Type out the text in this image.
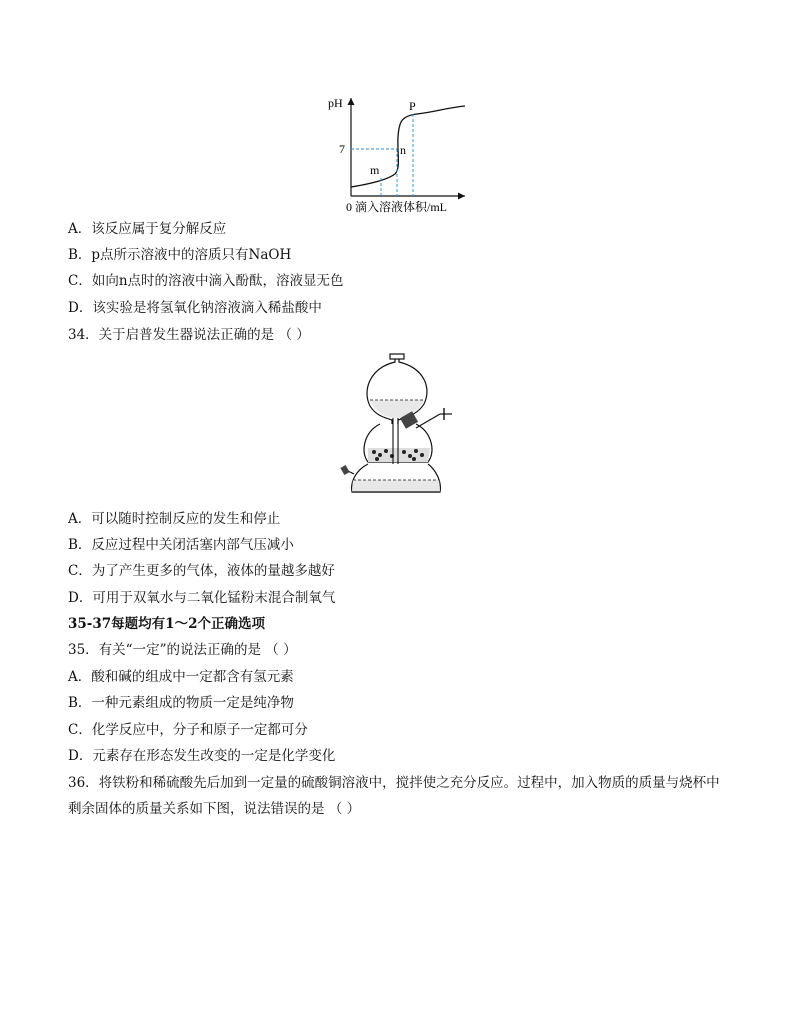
pH
7
m
n
P
0 滴入溶液体积/mL
A．该反应属于复分解反应
B．p点所示溶液中的溶质只有NaOH
C．如向n点时的溶液中滴入酚酞，溶液显无色
D．该实验是将氢氧化钠溶液滴入稀盐酸中
34．关于启普发生器说法正确的是 （ ）
A．可以随时控制反应的发生和停止
B．反应过程中关闭活塞内部气压减小
C．为了产生更多的气体，液体的量越多越好
D．可用于双氧水与二氧化锰粉末混合制氧气
35-37每题均有1～2个正确选项
35．有关“一定”的说法正确的是 （ ）
A．酸和碱的组成中一定都含有氢元素
B．一种元素组成的物质一定是纯净物
C．化学反应中，分子和原子一定都可分
D．元素存在形态发生改变的一定是化学变化
36．将铁粉和稀硫酸先后加到一定量的硫酸铜溶液中，搅拌使之充分反应。过程中，加入物质的质量与烧杯中
剩余固体的质量关系如下图，说法错误的是 （ ）
